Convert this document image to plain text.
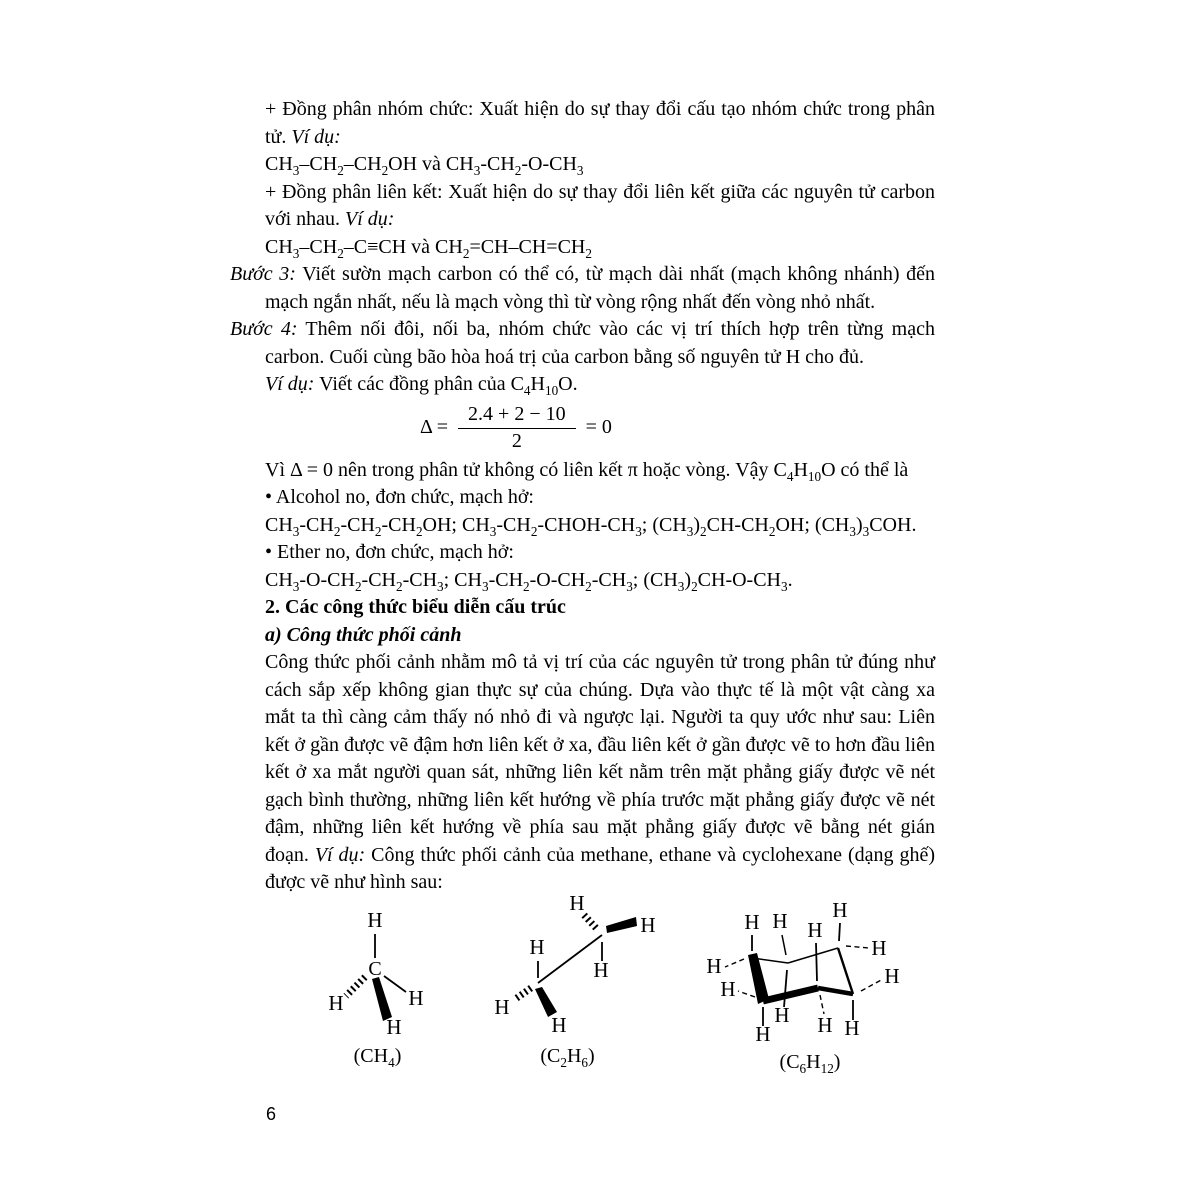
+ Đồng phân nhóm chức: Xuất hiện do sự thay đổi cấu tạo nhóm chức trong phân tử. Ví dụ:

$CH_3-CH_2-CH_2OH$ và $CH_3-CH_2-O-CH_3$

+ Đồng phân liên kết: Xuất hiện do sự thay đổi liên kết giữa các nguyên tử carbon với nhau. Ví dụ:

$CH_3-CH_2-C\equiv CH$ và $CH_2=CH-CH=CH_2$

Bước 3: Viết sườn mạch carbon có thể có, từ mạch dài nhất (mạch không nhánh) đến mạch ngắn nhất, nếu là mạch vòng thì từ vòng rộng nhất đến vòng nhỏ nhất.

Bước 4: Thêm nối đôi, nối ba, nhóm chức vào các vị trí thích hợp trên từng mạch carbon. Cuối cùng bão hòa hoá trị của carbon bằng số nguyên tử H cho đủ.

Ví dụ: Viết các đồng phân của $C_4H_{10}O$.

$\Delta = \frac{2.4 + 2 - 10}{2} = 0$

Vì Δ = 0 nên trong phân tử không có liên kết π hoặc vòng. Vậy $C_4H_{10}O$ có thể là

• Alcohol no, đơn chức, mạch hở:

$CH_3-CH_2-CH_2-CH_2OH$; $CH_3-CH_2-CHOH-CH_3$; $(CH_3)_2CH-CH_2OH$; $(CH_3)_3COH$.

• Ether no, đơn chức, mạch hở:

$CH_3-O-CH_2-CH_2-CH_3$; $CH_3-CH_2-O-CH_2-CH_3$; $(CH_3)_2CH-O-CH_3$.

2. Các công thức biểu diễn cấu trúc

a) Công thức phối cảnh

Công thức phối cảnh nhằm mô tả vị trí của các nguyên tử trong phân tử đúng như cách sắp xếp không gian thực sự của chúng. Dựa vào thực tế là một vật càng xa mắt ta thì càng cảm thấy nó nhỏ đi và ngược lại. Người ta quy ước như sau: Liên kết ở gần được vẽ đậm hơn liên kết ở xa, đầu liên kết ở gần được vẽ to hơn đầu liên kết ở xa mắt người quan sát, những liên kết nằm trên mặt phẳng giấy được vẽ nét gạch bình thường, những liên kết hướng về phía trước mặt phẳng giấy được vẽ nét đậm, những liên kết hướng về phía sau mặt phẳng giấy được vẽ bằng nét gián đoạn. Ví dụ: Công thức phối cảnh của methane, ethane và cyclohexane (dạng ghế) được vẽ như hình sau:

H
C
H	H
H
$(CH_4)$
H
H
H
H
H
H
$(C_2H_6)$
H
H
H
H
H
H H
H
H
H
H
H
$(C_6H_{12})$
6
